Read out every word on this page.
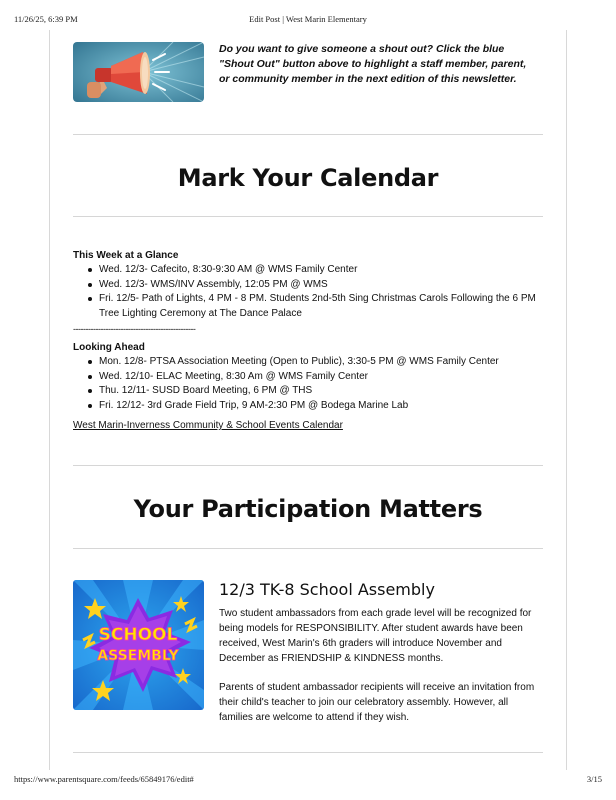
11/26/25, 6:39 PM	Edit Post | West Marin Elementary
Do you want to give someone a shout out? Click the blue "Shout Out" button above to highlight a staff member, parent, or community member in the next edition of this newsletter.
Mark Your Calendar
This Week at a Glance
Wed. 12/3- Cafecito, 8:30-9:30 AM @ WMS Family Center
Wed. 12/3- WMS/INV Assembly, 12:05 PM @ WMS
Fri. 12/5- Path of Lights, 4 PM - 8 PM. Students 2nd-5th Sing Christmas Carols Following the 6 PM Tree Lighting Ceremony at The Dance Palace
-------------------------------------------------
Looking Ahead
Mon. 12/8- PTSA Association Meeting (Open to Public), 3:30-5 PM @ WMS Family Center
Wed. 12/10- ELAC Meeting, 8:30 Am @ WMS Family Center
Thu. 12/11- SUSD Board Meeting, 6 PM @ THS
Fri. 12/12- 3rd Grade Field Trip, 9 AM-2:30 PM @ Bodega Marine Lab
West Marin-Inverness Community & School Events Calendar
Your Participation Matters
SCHOOL
ASSEMBLY
12/3 TK-8 School Assembly
Two student ambassadors from each grade level will be recognized for being models for RESPONSIBILITY. After student awards have been received, West Marin's 6th graders will introduce November and December as FRIENDSHIP & KINDNESS months.
Parents of student ambassador recipients will receive an invitation from their child's teacher to join our celebratory assembly. However, all families are welcome to attend if they wish.
https://www.parentsquare.com/feeds/65849176/edit#	3/15
